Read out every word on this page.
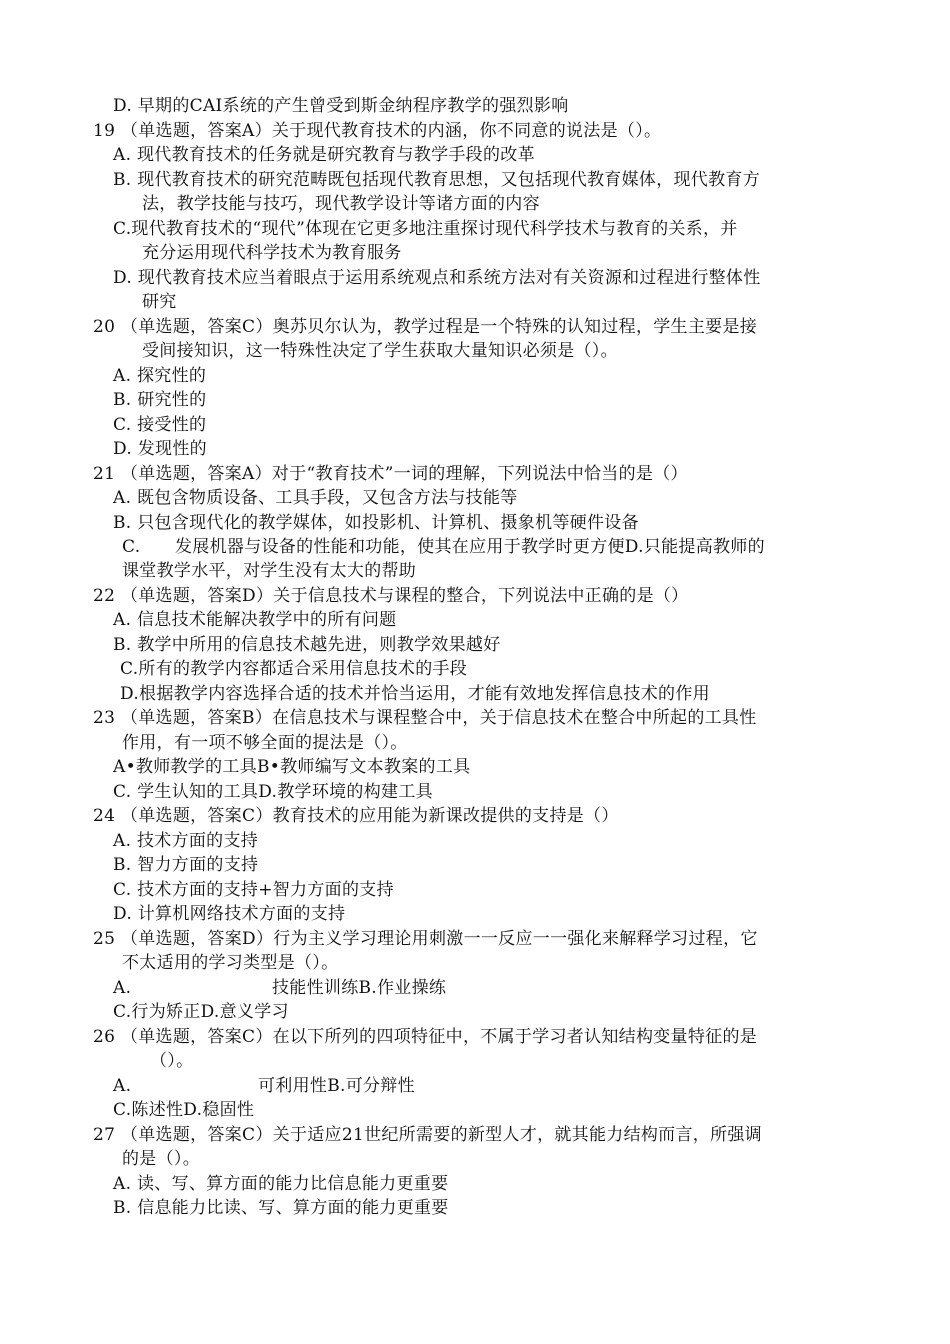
D. 早期的CAI系统的产生曾受到斯金纳程序教学的强烈影响
19 （单选题，答案A）关于现代教育技术的内涵，你不同意的说法是（）。
A. 现代教育技术的任务就是研究教育与教学手段的改革
B. 现代教育技术的研究范畴既包括现代教育思想，又包括现代教育媒体，现代教育方
法，教学技能与技巧，现代教学设计等诸方面的内容
C.现代教育技术的“现代”体现在它更多地注重探讨现代科学技术与教育的关系，并
充分运用现代科学技术为教育服务
D. 现代教育技术应当着眼点于运用系统观点和系统方法对有关资源和过程进行整体性
研究
20 （单选题，答案C）奥苏贝尔认为，教学过程是一个特殊的认知过程，学生主要是接
受间接知识，这一特殊性决定了学生获取大量知识必须是（）。
A. 探究性的
B. 研究性的
C. 接受性的
D. 发现性的
21 （单选题，答案A）对于“教育技术”一词的理解，下列说法中恰当的是（）
A. 既包含物质设备、工具手段，又包含方法与技能等
B. 只包含现代化的教学媒体，如投影机、计算机、摄象机等硬件设备
C.　　发展机器与设备的性能和功能，使其在应用于教学时更方便D.只能提高教师的
课堂教学水平，对学生没有太大的帮助
22 （单选题，答案D）关于信息技术与课程的整合，下列说法中正确的是（）
A. 信息技术能解决教学中的所有问题
B. 教学中所用的信息技术越先进，则教学效果越好
C.所有的教学内容都适合采用信息技术的手段
D.根据教学内容选择合适的技术并恰当运用，才能有效地发挥信息技术的作用
23 （单选题，答案B）在信息技术与课程整合中，关于信息技术在整合中所起的工具性
作用，有一项不够全面的提法是（）。
A•教师教学的工具B•教师编写文本教案的工具
C. 学生认知的工具D.教学环境的构建工具
24 （单选题，答案C）教育技术的应用能为新课改提供的支持是（）
A. 技术方面的支持
B. 智力方面的支持
C. 技术方面的支持+智力方面的支持
D. 计算机网络技术方面的支持
25 （单选题，答案D）行为主义学习理论用刺激一一反应一一强化来解释学习过程，它
不太适用的学习类型是（）。
A.	技能性训练B.作业操练
C.行为矫正D.意义学习
26 （单选题，答案C）在以下所列的四项特征中，不属于学习者认知结构变量特征的是
（）。
A.	可利用性B.可分辩性
C.陈述性D.稳固性
27 （单选题，答案C）关于适应21世纪所需要的新型人才，就其能力结构而言，所强调
的是（）。
A. 读、写、算方面的能力比信息能力更重要
B. 信息能力比读、写、算方面的能力更重要
